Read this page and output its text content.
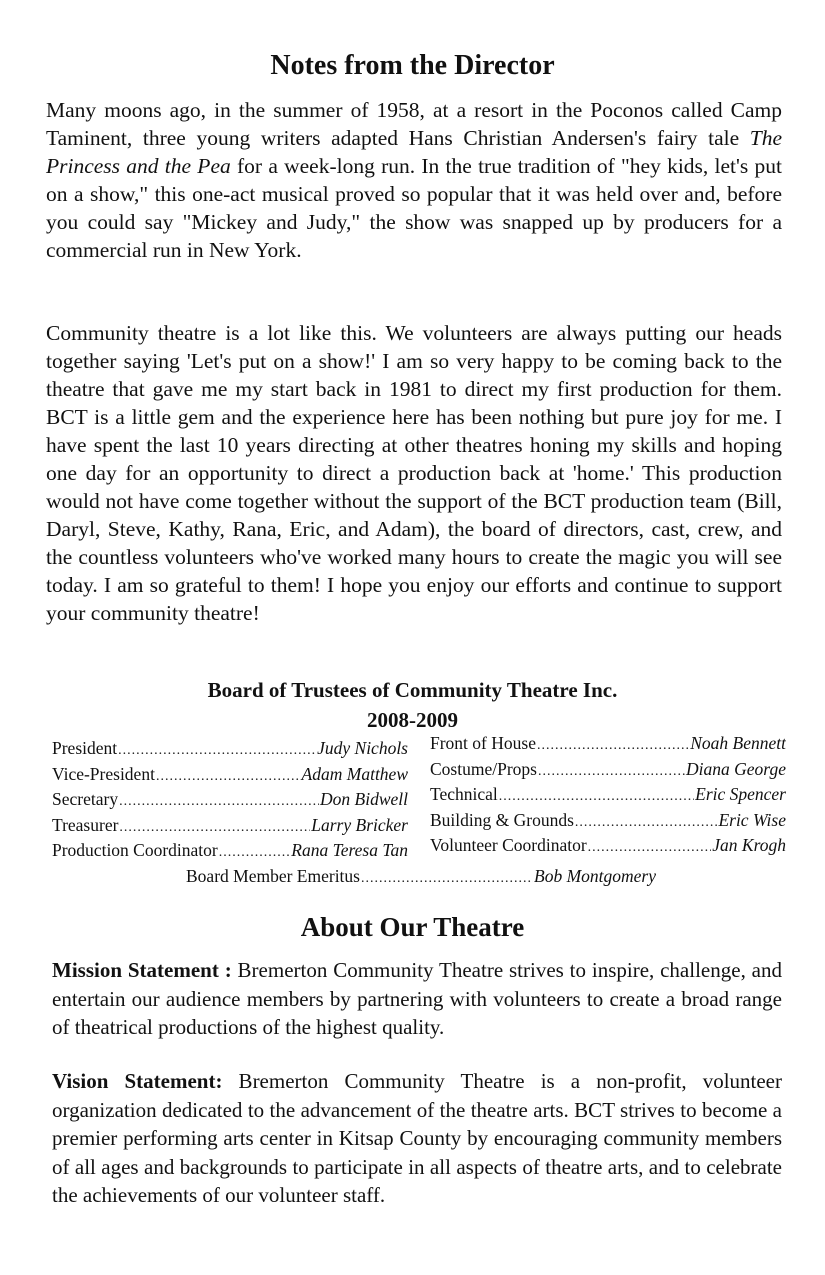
Notes from the Director

Many moons ago, in the summer of 1958, at a resort in the Poconos called Camp Taminent, three young writers adapted Hans Christian Andersen's fairy tale The Princess and the Pea for a week-long run. In the true tradition of "hey kids, let's put on a show," this one-act musical proved so popular that it was held over and, before you could say "Mickey and Judy," the show was snapped up by producers for a commercial run in New York.

Community theatre is a lot like this. We volunteers are always putting our heads together saying 'Let's put on a show!' I am so very happy to be coming back to the theatre that gave me my start back in 1981 to direct my first production for them. BCT is a little gem and the experience here has been nothing but pure joy for me. I have spent the last 10 years directing at other theatres honing my skills and hoping one day for an opportunity to direct a production back at 'home.' This production would not have come together without the support of the BCT production team (Bill, Daryl, Steve, Kathy, Rana, Eric, and Adam), the board of directors, cast, crew, and the countless volunteers who've worked many hours to create the magic you will see today. I am so grateful to them! I hope you enjoy our efforts and continue to support your community theatre!

Board of Trustees of Community Theatre Inc.
2008-2009
President .....	Judy Nichols
Vice-President .....	Adam Matthew
Secretary .....	Don Bidwell
Treasurer .....	Larry Bricker
Production Coordinator .....	Rana Teresa Tan
Front of House .....	Noah Bennett
Costume/Props .....	Diana George
Technical .....	Eric Spencer
Building & Grounds .....	Eric Wise
Volunteer Coordinator .....	Jan Krogh
Board Member Emeritus .....	Bob Montgomery
About Our Theatre

Mission Statement : Bremerton Community Theatre strives to inspire, challenge, and entertain our audience members by partnering with volunteers to create a broad range of theatrical productions of the highest quality.

Vision Statement: Bremerton Community Theatre is a non-profit, volunteer organization dedicated to the advancement of the theatre arts. BCT strives to become a premier performing arts center in Kitsap County by encouraging community members of all ages and backgrounds to participate in all aspects of theatre arts, and to celebrate the achievements of our volunteer staff.
